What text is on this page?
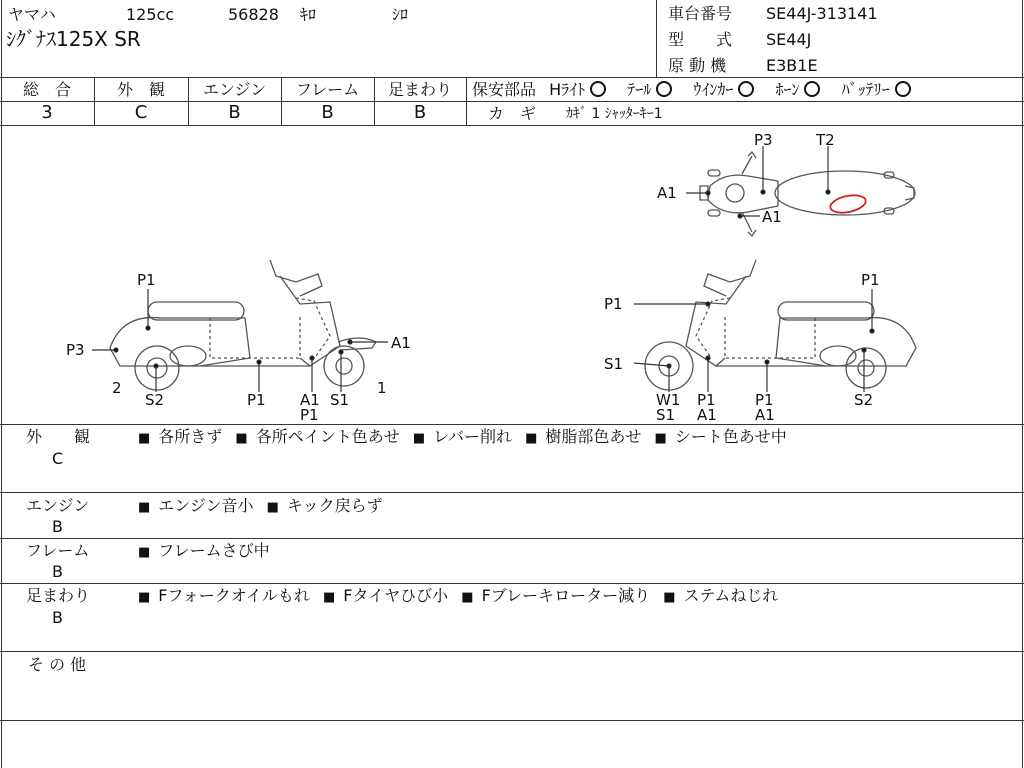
ヤマハ	125cc	56828 ｷﾛ	ｼﾛ
ｼｸﾞﾅｽ125X SR
車台番号 SE44J-313141
型　　式 SE44J
原 動 機 E3B1E
総　合
3
外　観
C
エンジン
B
フレーム
B
足まわり
B
保安部品 Hﾗｲﾄ	ﾃｰﾙ	ｳｲﾝｶｰ	ﾎｰﾝ	ﾊﾞｯﾃﾘｰ
カ　ギ ｶｷﾞ 1 ｼｬｯﾀｰｷｰ1
P3	T2
A1
A1
P1
P3	A1
2
S2	P1 A1
P1
S1
1
P1
P1
S1
W1
S1
P1
A1
P1
A1
S2
外　　観
C
■ 各所きず ■ 各所ペイント色あせ ■ レバー削れ ■ 樹脂部色あせ ■ シート色あせ中
エンジン
B
■ エンジン音小 ■ キック戻らず
フレーム
B
■ フレームさび中
足まわり
B
■ Fフォークオイルもれ ■ Fタイヤひび小 ■ Fブレーキローター減り ■ ステムねじれ
そ の 他
